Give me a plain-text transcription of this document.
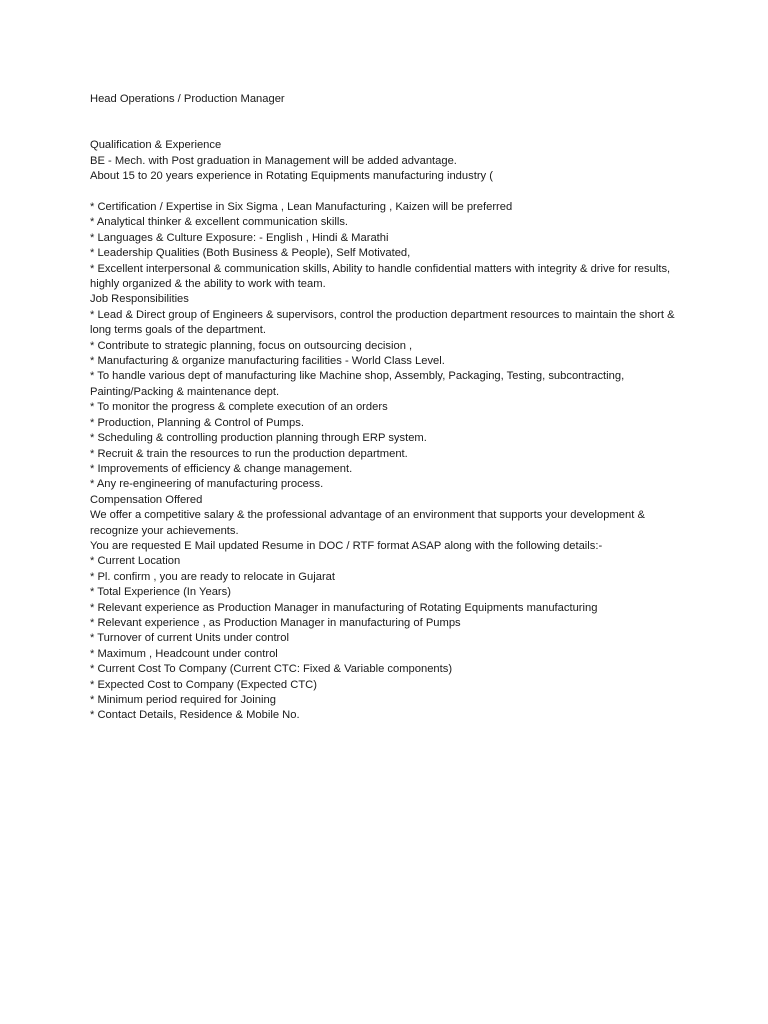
Head Operations / Production Manager

Qualification & Experience

BE - Mech. with Post graduation in Management will be added advantage.

About 15 to 20 years experience in Rotating Equipments manufacturing industry (

* Certification / Expertise in Six Sigma , Lean Manufacturing , Kaizen will be preferred

* Analytical thinker & excellent communication skills.

* Languages & Culture Exposure: - English , Hindi & Marathi

* Leadership Qualities (Both Business & People), Self Motivated,

* Excellent interpersonal & communication skills, Ability to handle confidential matters with integrity & drive for results, highly organized & the ability to work with team.

Job Responsibilities

* Lead & Direct group of Engineers & supervisors, control the production department resources to maintain the short & long terms goals of the department.

* Contribute to strategic planning, focus on outsourcing decision ,

* Manufacturing & organize manufacturing facilities - World Class Level.

* To handle various dept of manufacturing like Machine shop, Assembly, Packaging, Testing, subcontracting, Painting/Packing & maintenance dept.

* To monitor the progress & complete execution of an orders

* Production, Planning & Control of Pumps.

* Scheduling & controlling production planning through ERP system.

* Recruit & train the resources to run the production department.

* Improvements of efficiency & change management.

* Any re-engineering of manufacturing process.

Compensation Offered

We offer a competitive salary & the professional advantage of an environment that supports your development & recognize your achievements.

You are requested E Mail updated Resume in DOC / RTF format ASAP along with the following details:-

* Current Location

* Pl. confirm , you are ready to relocate in Gujarat

* Total Experience (In Years)

* Relevant experience as Production Manager in manufacturing of Rotating Equipments manufacturing

* Relevant experience , as Production Manager in manufacturing of Pumps

* Turnover of current Units under control

* Maximum , Headcount under control

* Current Cost To Company (Current CTC: Fixed & Variable components)

* Expected Cost to Company (Expected CTC)

* Minimum period required for Joining

* Contact Details, Residence & Mobile No.
